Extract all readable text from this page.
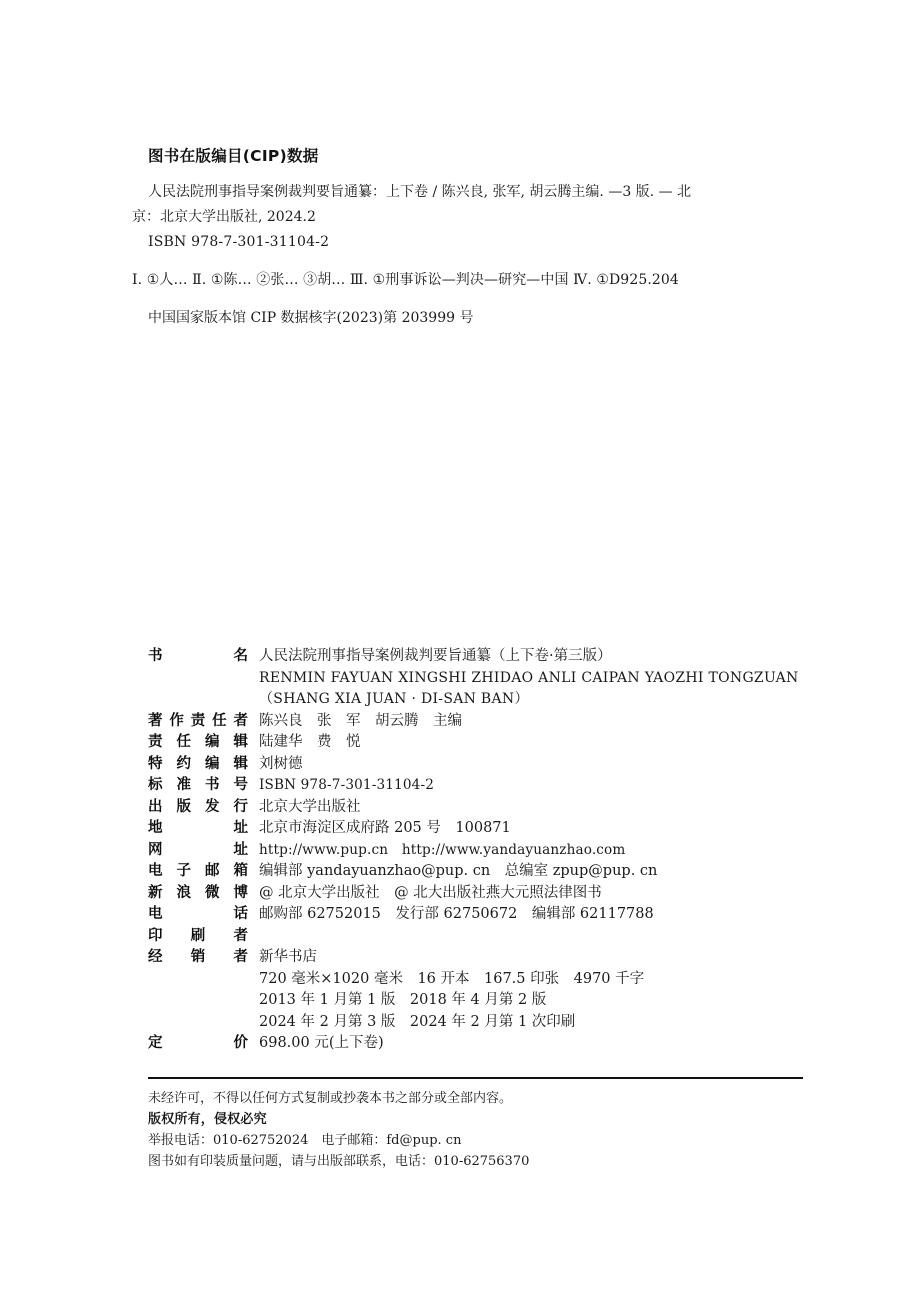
图书在版编目(CIP)数据
人民法院刑事指导案例裁判要旨通纂：上下卷 / 陈兴良, 张军, 胡云腾主编. —3 版. — 北
京：北京大学出版社, 2024.2
ISBN 978-7-301-31104-2
Ⅰ. ①人… Ⅱ. ①陈… ②张… ③胡… Ⅲ. ①刑事诉讼—判决—研究—中国 Ⅳ. ①D925.204
中国国家版本馆 CIP 数据核字(2023)第 203999 号
书	名 人民法院刑事指导案例裁判要旨通纂（上下卷·第三版）
RENMIN FAYUAN XINGSHI ZHIDAO ANLI CAIPAN YAOZHI TONGZUAN
（SHANG XIA JUAN · DI-SAN BAN）
著 作 责 任 者 陈兴良　张　军　胡云腾　主编
责 任 编 辑 陆建华　费　悦
特 约 编 辑 刘树德
标 准 书 号 ISBN 978-7-301-31104-2
出 版 发 行 北京大学出版社
地	址 北京市海淀区成府路 205 号　100871
网	址 http://www.pup.cn　http://www.yandayuanzhao.com
电 子 邮 箱 编辑部 yandayuanzhao@pup. cn　总编室 zpup@pup. cn
新 浪 微 博 @ 北京大学出版社　@ 北大出版社燕大元照法律图书
电	话 邮购部 62752015　发行部 62750672　编辑部 62117788
印 刷 者
经 销 者 新华书店
720 毫米×1020 毫米　16 开本　167.5 印张　4970 千字
2013 年 1 月第 1 版　2018 年 4 月第 2 版
2024 年 2 月第 3 版　2024 年 2 月第 1 次印刷
定	价 698.00 元(上下卷)
未经许可，不得以任何方式复制或抄袭本书之部分或全部内容。
版权所有，侵权必究
举报电话：010-62752024　电子邮箱：fd@pup. cn
图书如有印装质量问题，请与出版部联系，电话：010-62756370
